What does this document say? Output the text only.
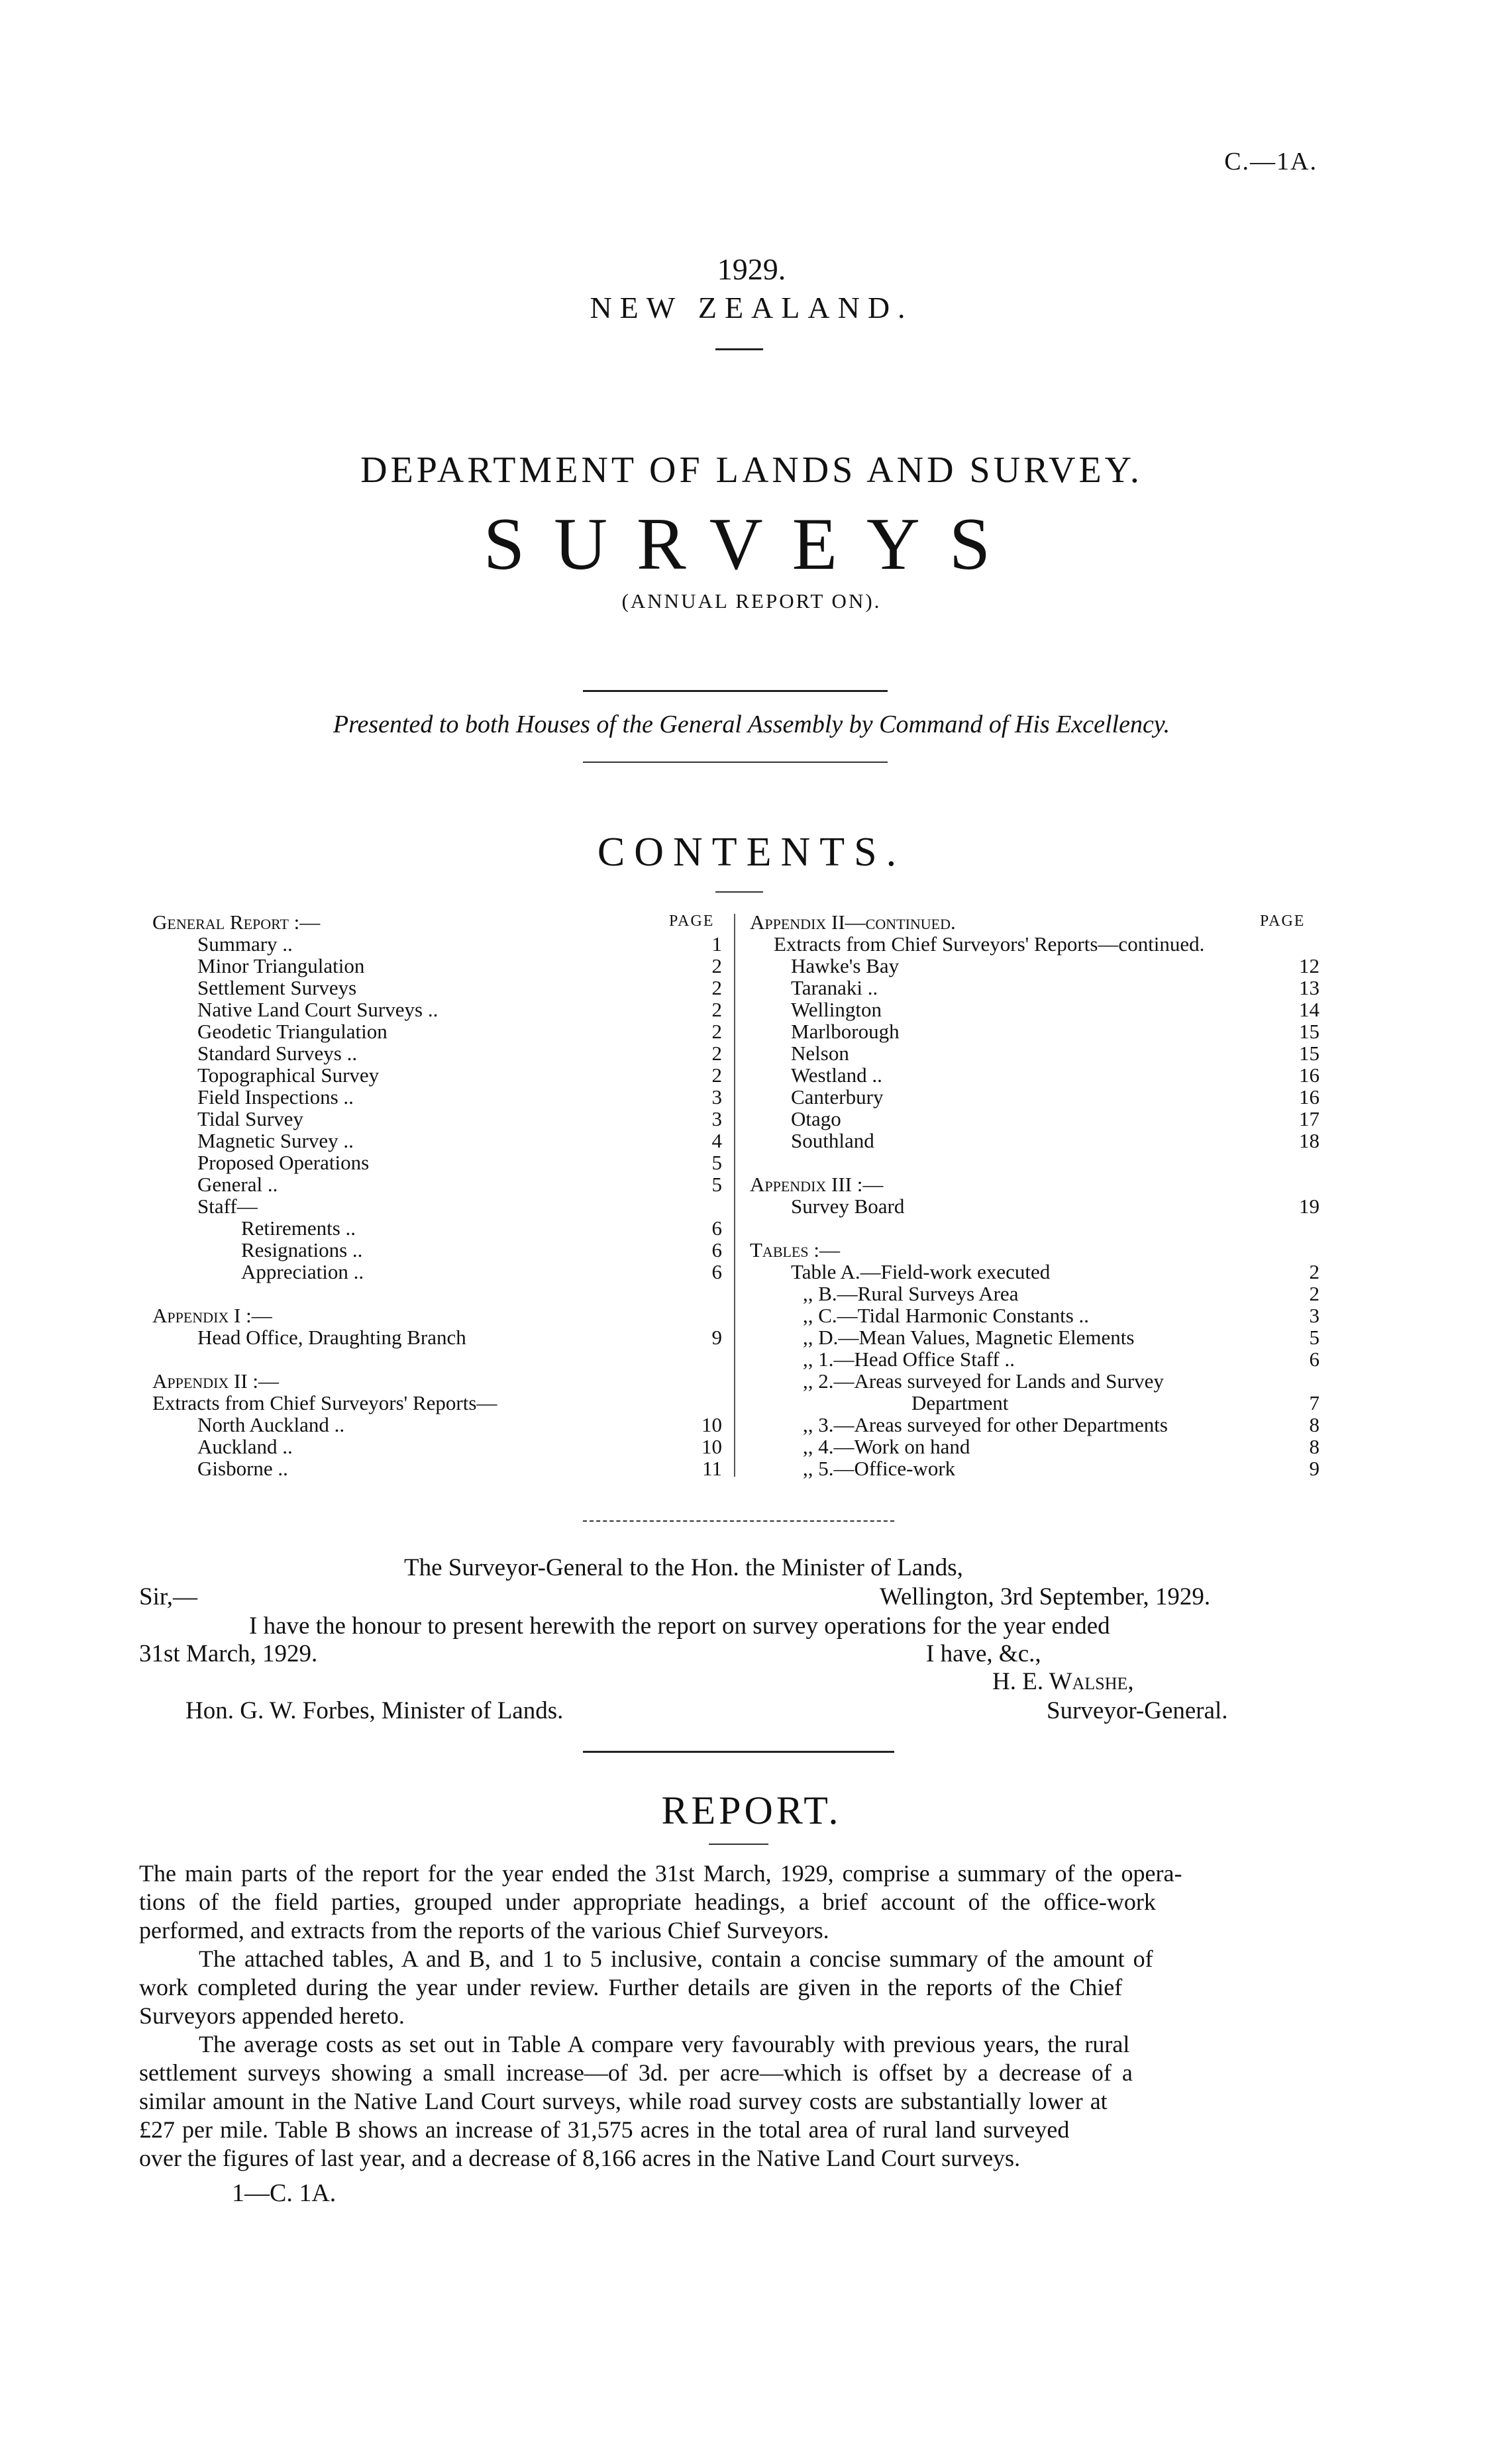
C.—1A.
1929.
NEW ZEALAND.
DEPARTMENT OF LANDS AND SURVEY.
SURVEYS
(ANNUAL REPORT ON).
Presented to both Houses of the General Assembly by Command of His Excellency.
CONTENTS.
PAGE	PAGE
General Report :—
Summary ..	1
Minor Triangulation	2
Settlement Surveys	2
Native Land Court Surveys ..	2
Geodetic Triangulation	2
Standard Surveys ..	2
Topographical Survey	2
Field Inspections ..	3
Tidal Survey	3
Magnetic Survey ..	4
Proposed Operations	5
General ..	5
Staff—
Retirements ..	6
Resignations ..	6
Appreciation ..	6
Appendix I :—
Head Office, Draughting Branch	9
Appendix II :—
Extracts from Chief Surveyors' Reports—
North Auckland ..	10
Auckland ..	10
Gisborne ..	11
Appendix II—continued.
Extracts from Chief Surveyors' Reports—continued.
Hawke's Bay	12
Taranaki ..	13
Wellington	14
Marlborough	15
Nelson	15
Westland ..	16
Canterbury	16
Otago	17
Southland	18
Appendix III :—
Survey Board	19
Tables :—
Table A.—Field-work executed	2
,, B.—Rural Surveys Area	2
,, C.—Tidal Harmonic Constants ..	3
,, D.—Mean Values, Magnetic Elements	5
,, 1.—Head Office Staff ..	6
,, 2.—Areas surveyed for Lands and Survey
Department	7
,, 3.—Areas surveyed for other Departments	8
,, 4.—Work on hand	8
,, 5.—Office-work	9
The Surveyor-General to the Hon. the Minister of Lands,
Sir,—	Wellington, 3rd September, 1929.
I have the honour to present herewith the report on survey operations for the year ended
31st March, 1929.	I have, &c.,
H. E. Walshe,
Hon. G. W. Forbes, Minister of Lands.	Surveyor-General.
REPORT.
The main parts of the report for the year ended the 31st March, 1929, comprise a summary of the opera-
tions of the field parties, grouped under appropriate headings, a brief account of the office-work
performed, and extracts from the reports of the various Chief Surveyors.
The attached tables, A and B, and 1 to 5 inclusive, contain a concise summary of the amount of
work completed during the year under review. Further details are given in the reports of the Chief
Surveyors appended hereto.
The average costs as set out in Table A compare very favourably with previous years, the rural
settlement surveys showing a small increase—of 3d. per acre—which is offset by a decrease of a
similar amount in the Native Land Court surveys, while road survey costs are substantially lower at
£27 per mile. Table B shows an increase of 31,575 acres in the total area of rural land surveyed
over the figures of last year, and a decrease of 8,166 acres in the Native Land Court surveys.
1—C. 1A.
